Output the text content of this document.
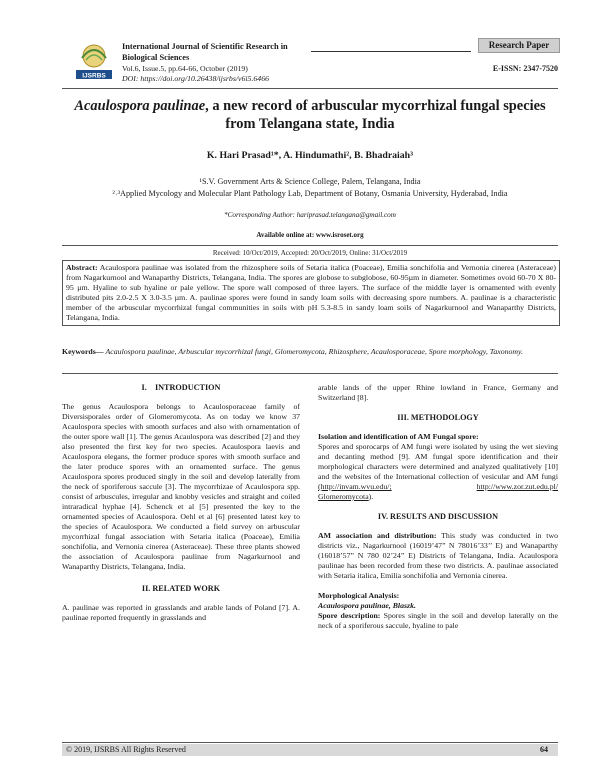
IJSRBS
International Journal of Scientific Research in
Biological Sciences
Research Paper
Vol.6, Issue.5, pp.64-66, October (2019)	E-ISSN: 2347-7520
DOI: https://doi.org/10.26438/ijsrbs/v6i5.6466
Acaulospora paulinae, a new record of arbuscular mycorrhizal fungal species from Telangana state, India
K. Hari Prasad¹*, A. Hindumathi², B. Bhadraiah³
¹S.V. Government Arts & Science College, Palem, Telangana, India
²˒³Applied Mycology and Molecular Plant Pathology Lab, Department of Botany, Osmania University, Hyderabad, India
*Corresponding Author: hariprasad.telangana@gmail.com
Available online at: www.isroset.org
Received: 10/Oct/2019, Accepted: 20/Oct/2019, Online: 31/Oct/2019
Abstract: Acaulospora paulinae was isolated from the rhizosphere soils of Setaria italica (Poaceae), Emilia sonchifolia and Vernonia cinerea (Asteraceae) from Nagarkurnool and Wanaparthy Districts, Telangana, India. The spores are globose to subglobose, 60-95µm in diameter. Sometimes ovoid 60-70 X 80-95 µm. Hyaline to sub hyaline or pale yellow. The spore wall composed of three layers. The surface of the middle layer is ornamented with evenly distributed pits 2.0-2.5 X 3.0-3.5 µm. A. paulinae spores were found in sandy loam soils with decreasing spore numbers. A. paulinae is a characteristic member of the arbuscular mycorrhizal fungal communities in soils with pH 5.3-8.5 in sandy loam soils of Nagarkurnool and Wanaparthy Districts, Telangana, India.
Keywords— Acaulospora paulinae, Arbuscular mycorrhizal fungi, Glomeromycota, Rhizosphere, Acaulosporaceae, Spore morphology, Taxonomy.
I.    INTRODUCTION

The genus Acaulospora belongs to Acaulosporaceae family of Diversisporales order of Glomeromycota. As on today we know 37 Acaulospora species with smooth surfaces and also with ornamentation of the outer spore wall [1]. The genus Acaulospora was described [2] and they also presented the first key for two species. Acaulospora laevis and Acaulospora elegans, the former produce spores with smooth surface and the later produce spores with an ornamented surface. The genus Acaulospora spores produced singly in the soil and develop laterally from the neck of sporiferous saccule [3]. The mycorrhizae of Acaulospora spp. consist of arbuscules, irregular and knobby vesicles and straight and coiled intraradical hyphae [4]. Schenck et al [5] presented the key to the ornamented species of Acaulospora. Oehl et al [6] presented latest key to the species of Acaulospora. We conducted a field survey on arbuscular mycorrhizal fungal association with Setaria italica (Poaceae), Emilia sonchifolia, and Vernonia cinerea (Asteraceae). These three plants showed the association of Acaulospora paulinae from Nagarkurnool and Wanaparthy Districts, Telangana, India.

II. RELATED WORK

A. paulinae was reported in grasslands and arable lands of Poland [7]. A. paulinae reported frequently in grasslands and

arable lands of the upper Rhine lowland in France, Germany and Switzerland [8].

III. METHODOLOGY
Isolation and identification of AM Fungal spore:

Spores and sporocarps of AM fungi were isolated by using the wet sieving and decanting method [9]. AM fungal spore identification and their morphological characters were determined and analyzed qualitatively [10] and the websites of the International collection of vesicular and AM fungi (http://invam.wvu.edu/;	http://www.zor.zut.edu.pl/

Glomeromycota).

IV. RESULTS AND DISCUSSION

AM association and distribution: This study was conducted in two districts viz., Nagarkurnool (16019’47” N 78016’33’’ E) and Wanaparthy (16018’57” N 780 02’24” E) Districts of Telangana, India. Acaulospora paulinae has been recorded from these two districts. A. paulinae associated with Setaria italica, Emilia sonchifolia and Vernonia cinerea.

Morphological Analysis:
Acaulospora paulinae, Blaszk.

Spore description: Spores single in the soil and develop laterally on the neck of a sporiferous saccule, hyaline to pale

© 2019, IJSRBS All Rights Reserved	64
